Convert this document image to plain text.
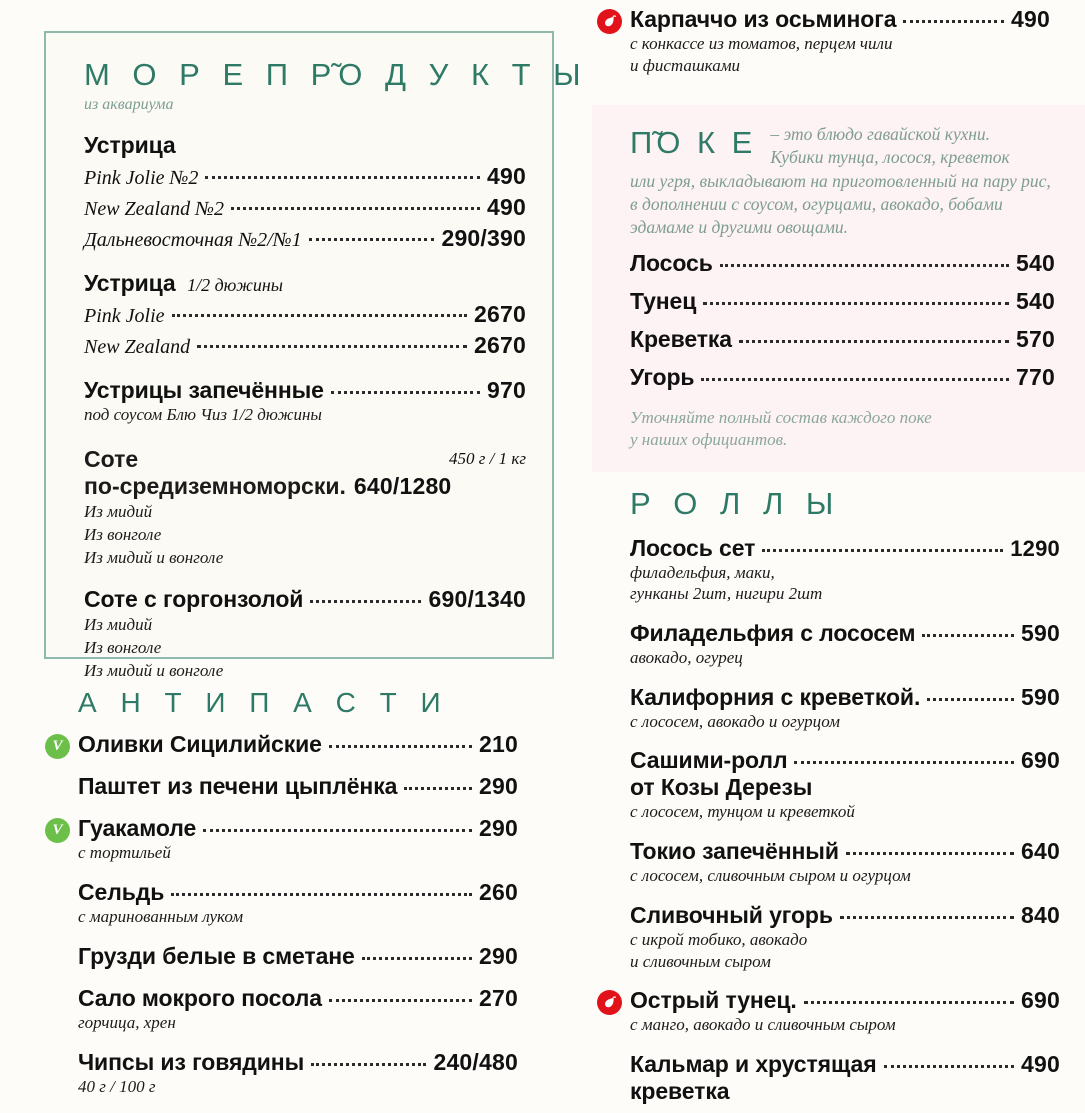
М О Р Е П Р̃О Д У К Т Ы
из аквариума
Устрица
Pink Jolie №2	490
New Zealand №2	490
Дальневосточная №2/№1	290/390
Устрица 1/2 дюжины
Pink Jolie	2670
New Zealand	2670
Устрицы запечённые	970
под соусом Блю Чиз 1/2 дюжины
450 г / 1 кг
Соте
по-средиземноморски. 640/1280
Из мидий
Из вонголе
Из мидий и вонголе
Соте с горгонзолой	690/1340
Из мидий
Из вонголе
Из мидий и вонголе
А Н Т И П А С Т И
V Оливки Сицилийские	210
Паштет из печени цыплёнка	290
V Гуакамоле	290
с тортильей
Сельдь	260
с маринованным луком
Грузди белые в сметане	290
Сало мокрого посола	270
горчица, хрен
Чипсы из говядины	240/480
40 г / 100 г
Карпаччо из осьминога	490
с конкассе из томатов, перцем чили
и фисташками
П̃О К Е – это блюдо гавайской кухни.
Кубики тунца, лосося, креветок
или угря, выкладывают на приготовленный на пару рис, в дополнении с соусом, огурцами, авокадо, бобами эдамаме и другими овощами.
Лосось	540
Тунец	540
Креветка	570
Угорь	770
Уточняйте полный состав каждого поке
у наших официантов.
Р О Л Л Ы
Лосось сет	1290
филадельфия, маки,
гунканы 2шт, нигири 2шт
Филадельфия с лососем	590
авокадо, огурец
Калифорния с креветкой.	590
с лососем, авокадо и огурцом
Сашими-ролл	690
от Козы Дерезы
с лососем, тунцом и креветкой
Токио запечённый	640
с лососем, сливочным сыром и огурцом
Сливочный угорь	840
с икрой тобико, авокадо
и сливочным сыром
Острый тунец.	690
с манго, авокадо и сливочным сыром
Кальмар и хрустящая	490
креветка
